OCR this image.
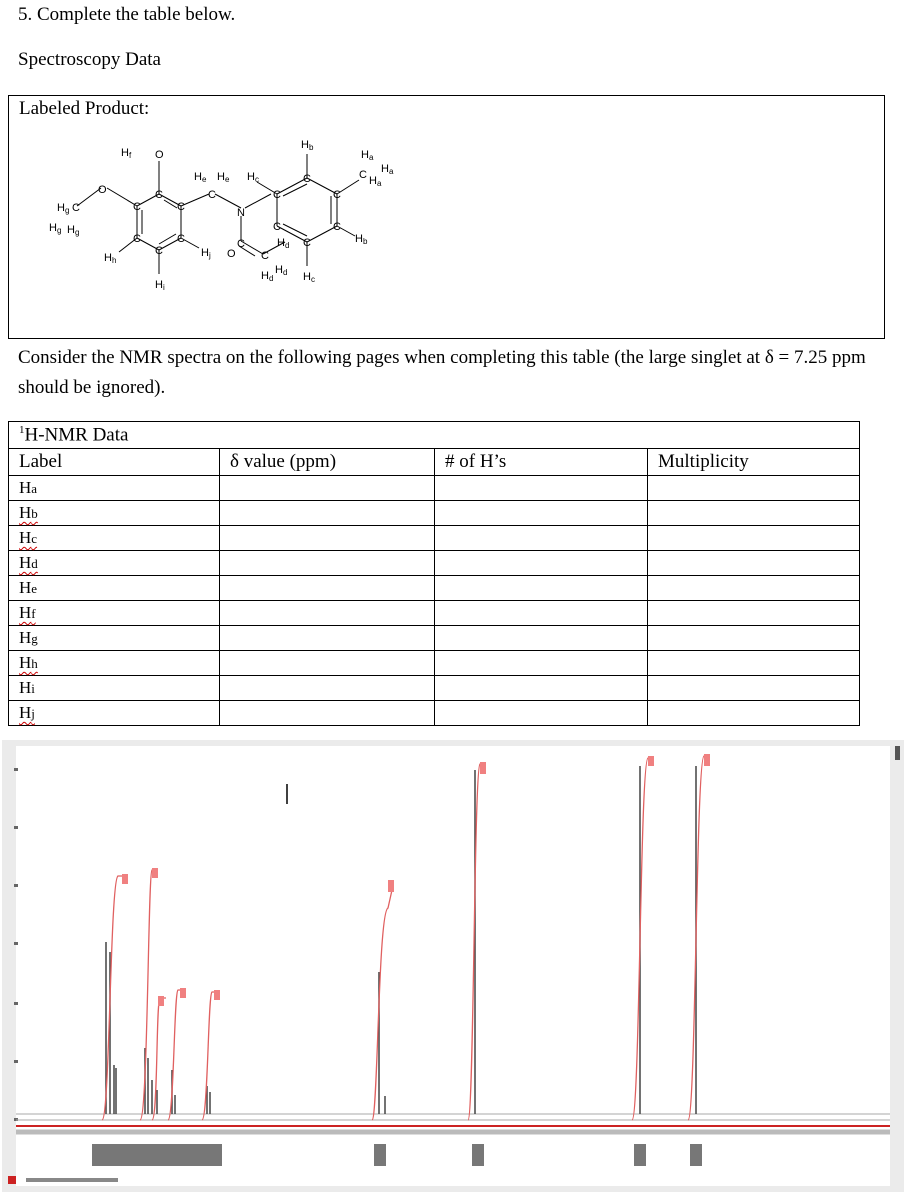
5. Complete the table below.
Spectroscopy Data
Labeled Product:
O
Hf
O
Hg C
Hg Hg
C
C	C
C	C
C
Hh
Hi
Hj
C
He He
N
O
C
C
Hd
Hd
Hd
C
C
C
C
C
C
Hc
Hc
Hb
Hb
C
Ha
Ha
Ha
Consider the NMR spectra on the following pages when completing this table (the large singlet at δ = 7.25 ppm should be ignored).
$^1$H-NMR Data			
Label	δ value (ppm)	# of H’s	Multiplicity
Ha			
Hb			
Hc			
Hd			
He			
Hf			
Hg			
Hh			
Hi			
Hj			
